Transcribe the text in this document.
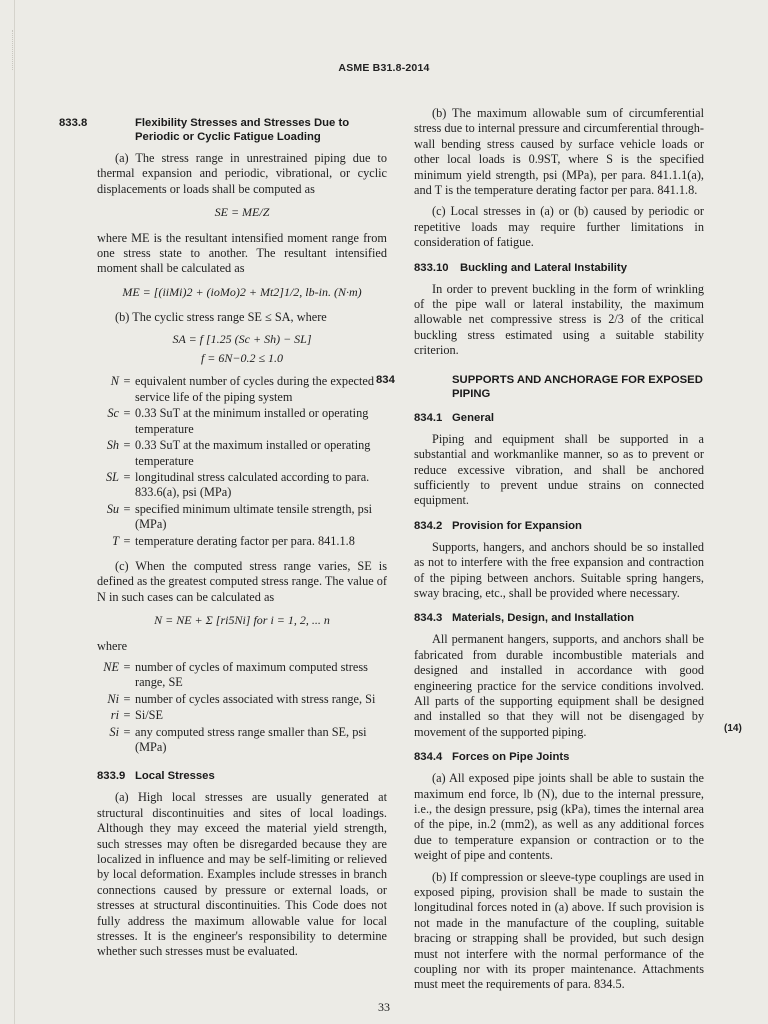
ASME B31.8-2014
833.8	Flexibility Stresses and Stresses Due to Periodic or Cyclic Fatigue Loading

(a) The stress range in unrestrained piping due to thermal expansion and periodic, vibrational, or cyclic displacements or loads shall be computed as

SE = ME/Z

where ME is the resultant intensified moment range from one stress state to another. The resultant intensified moment shall be calculated as

ME = [(iiMi)2 + (ioMo)2 + Mt2]1/2, lb-in. (N·m)

(b) The cyclic stress range SE ≤ SA, where

SA = f [1.25 (Sc + Sh) − SL]
f = 6N−0.2 ≤ 1.0
N = equivalent number of cycles during the expected service life of the piping system
Sc = 0.33 SuT at the minimum installed or operating temperature
Sh = 0.33 SuT at the maximum installed or operating temperature
SL = longitudinal stress calculated according to para. 833.6(a), psi (MPa)
Su = specified minimum ultimate tensile strength, psi (MPa)
T = temperature derating factor per para. 841.1.8

(c) When the computed stress range varies, SE is defined as the greatest computed stress range. The value of N in such cases can be calculated as

N = NE + Σ [ri5Ni] for i = 1, 2, ... n
where
NE = number of cycles of maximum computed stress range, SE
Ni = number of cycles associated with stress range, Si
ri = Si/SE
Si = any computed stress range smaller than SE, psi (MPa)
833.9 Local Stresses

(a) High local stresses are usually generated at structural discontinuities and sites of local loadings. Although they may exceed the material yield strength, such stresses may often be disregarded because they are localized in influence and may be self-limiting or relieved by local deformation. Examples include stresses in branch connections caused by pressure or external loads, or stresses at structural discontinuities. This Code does not fully address the maximum allowable value for local stresses. It is the engineer's responsibility to determine whether such stresses must be evaluated.

(b) The maximum allowable sum of circumferential stress due to internal pressure and circumferential through-wall bending stress caused by surface vehicle loads or other local loads is 0.9ST, where S is the specified minimum yield strength, psi (MPa), per para. 841.1.1(a), and T is the temperature derating factor per para. 841.1.8.

(c) Local stresses in (a) or (b) caused by periodic or repetitive loads may require further limitations in consideration of fatigue.

833.10 Buckling and Lateral Instability

In order to prevent buckling in the form of wrinkling of the pipe wall or lateral instability, the maximum allowable net compressive stress is 2/3 of the critical buckling stress estimated using a suitable stability criterion.

834	SUPPORTS AND ANCHORAGE FOR EXPOSED PIPING
834.1 General

Piping and equipment shall be supported in a substantial and workmanlike manner, so as to prevent or reduce excessive vibration, and shall be anchored sufficiently to prevent undue strains on connected equipment.

834.2 Provision for Expansion

Supports, hangers, and anchors should be so installed as not to interfere with the free expansion and contraction of the piping between anchors. Suitable spring hangers, sway bracing, etc., shall be provided where necessary.

834.3 Materials, Design, and Installation

All permanent hangers, supports, and anchors shall be fabricated from durable incombustible materials and designed and installed in accordance with good engineering practice for the service conditions involved. All parts of the supporting equipment shall be designed and installed so that they will not be disengaged by movement of the supported piping.

834.4 Forces on Pipe Joints

(a) All exposed pipe joints shall be able to sustain the maximum end force, lb (N), due to the internal pressure, i.e., the design pressure, psig (kPa), times the internal area of the pipe, in.2 (mm2), as well as any additional forces due to temperature expansion or contraction or to the weight of pipe and contents.

(b) If compression or sleeve-type couplings are used in exposed piping, provision shall be made to sustain the longitudinal forces noted in (a) above. If such provision is not made in the manufacture of the coupling, suitable bracing or strapping shall be provided, but such design must not interfere with the normal performance of the coupling nor with its proper maintenance. Attachments must meet the requirements of para. 834.5.

(14)
33
